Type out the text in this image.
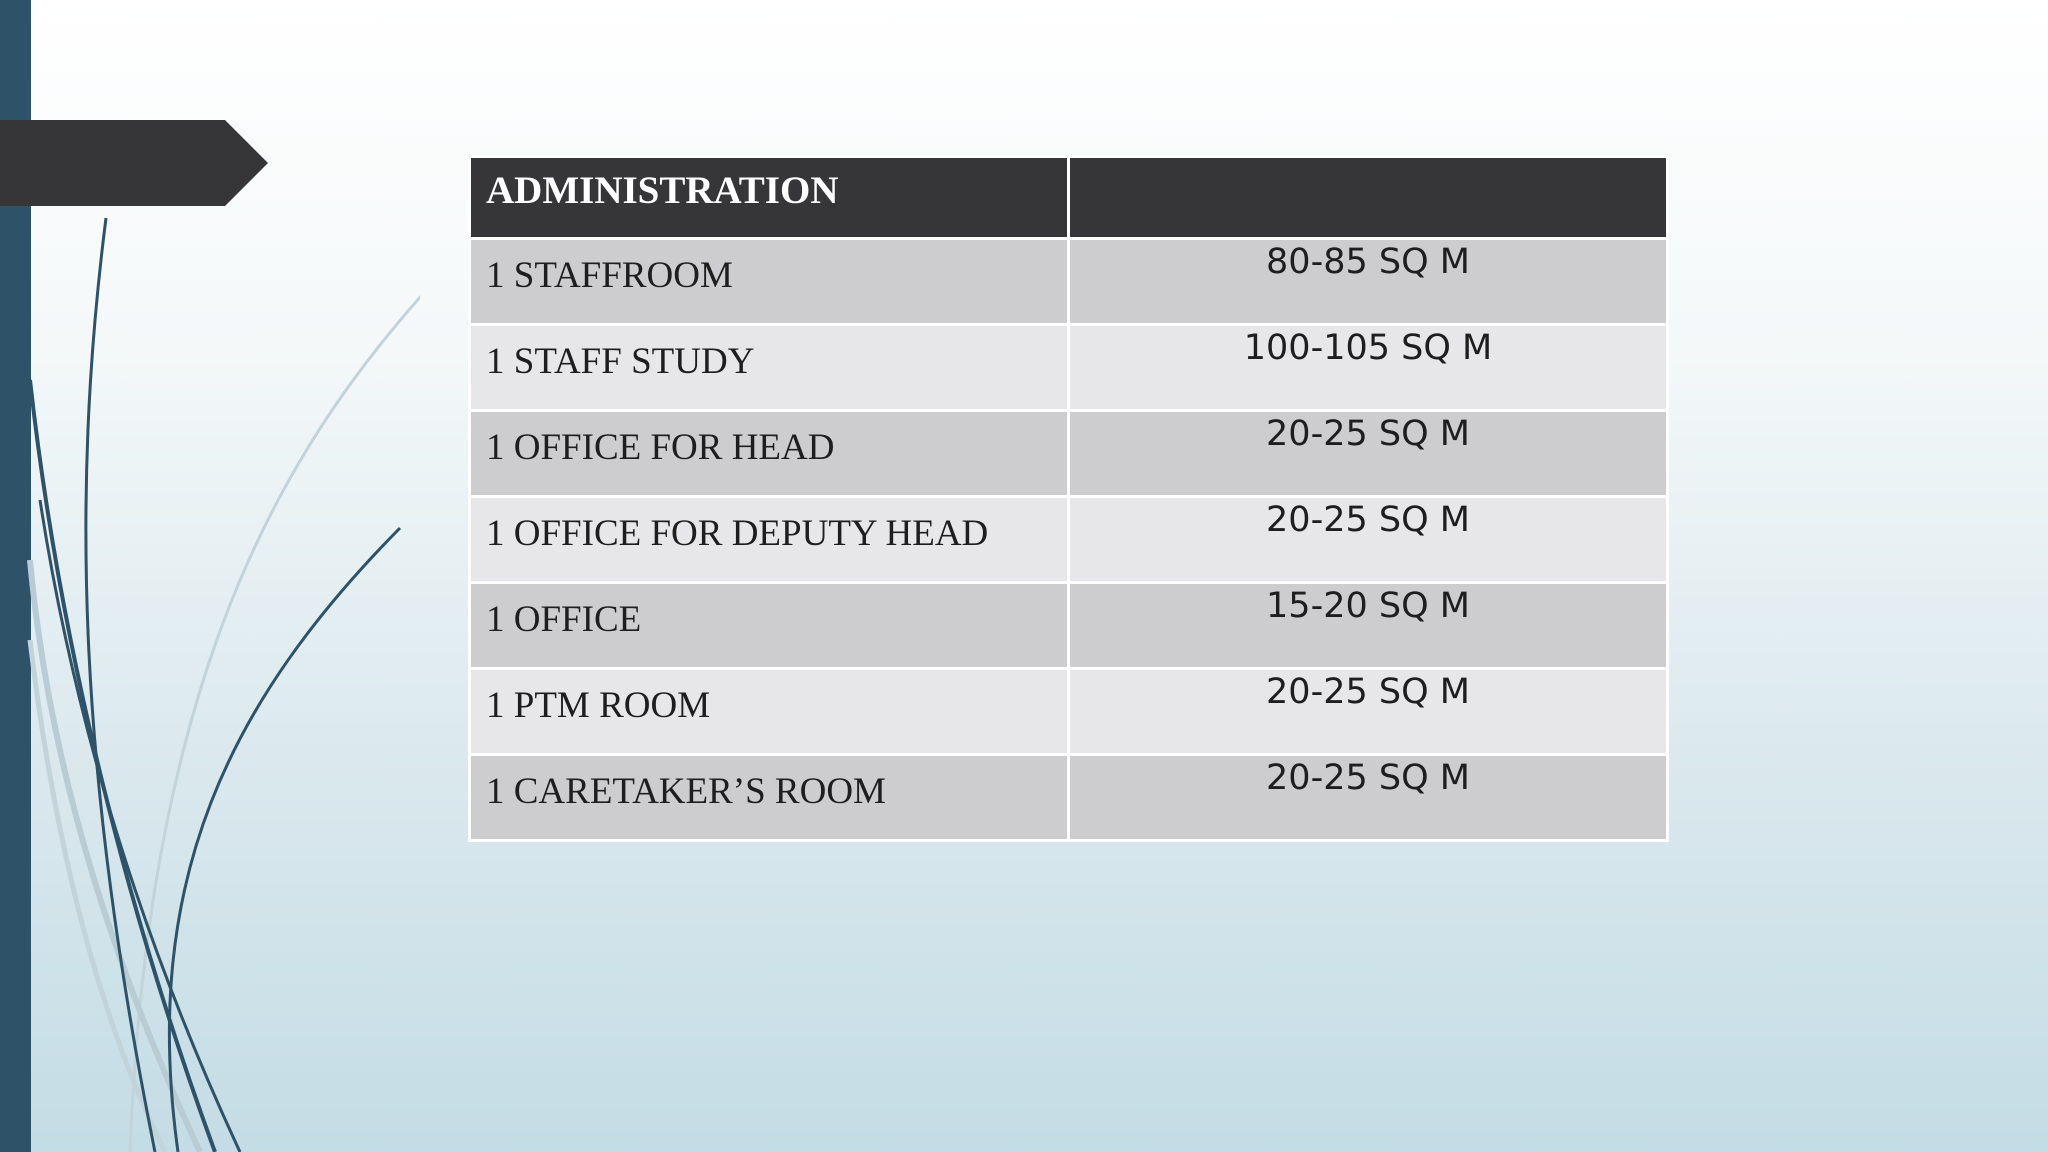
ADMINISTRATION	
1 STAFFROOM	80-85 SQ M
1 STAFF STUDY	100-105 SQ M
1 OFFICE FOR HEAD	20-25 SQ M
1 OFFICE FOR DEPUTY HEAD	20-25 SQ M
1 OFFICE	15-20 SQ M
1 PTM ROOM	20-25 SQ M
1 CARETAKER’S ROOM	20-25 SQ M
